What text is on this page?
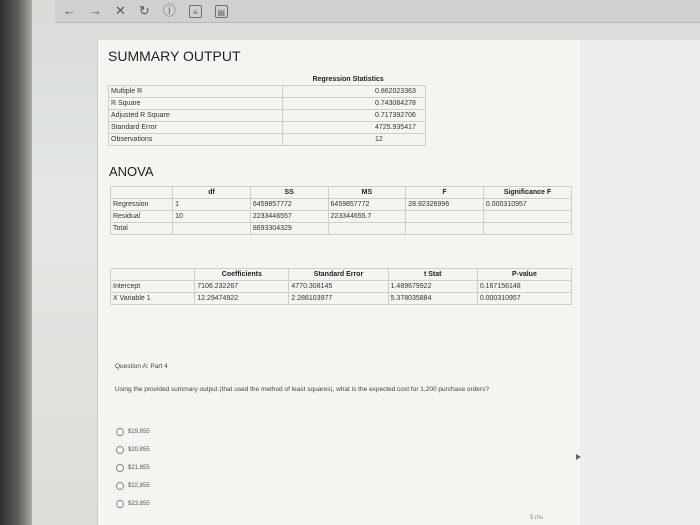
← → ✕ ↻ ⓘ	≡	▤
SUMMARY OUTPUT
	Regression Statistics
Multiple R	0.862023363
R Square	0.743084278
Adjusted R Square	0.717392706
Standard Error	4725.935417
Observations	12
ANOVA
	df	SS	MS	F	Significance F
Regression	1	6459857772	6459857772	28.92326996	0.000310957
Residual	10	2233446557	223344655.7		
Total		8693304329			
	Coefficients	Standard Error	t Stat	P-value
Intercept	7106.232267	4770.308145	1.489679922	0.167156148
X Variable 1	12.29474922	2.286103977	5.378035884	0.000310957
Question A: Part 4
Using the provided summary output (that used the method of least squares), what is the expected cost for 1,200 purchase orders?
$19,855
$20,855
$21,855
$22,855
$23,855
5 ms
